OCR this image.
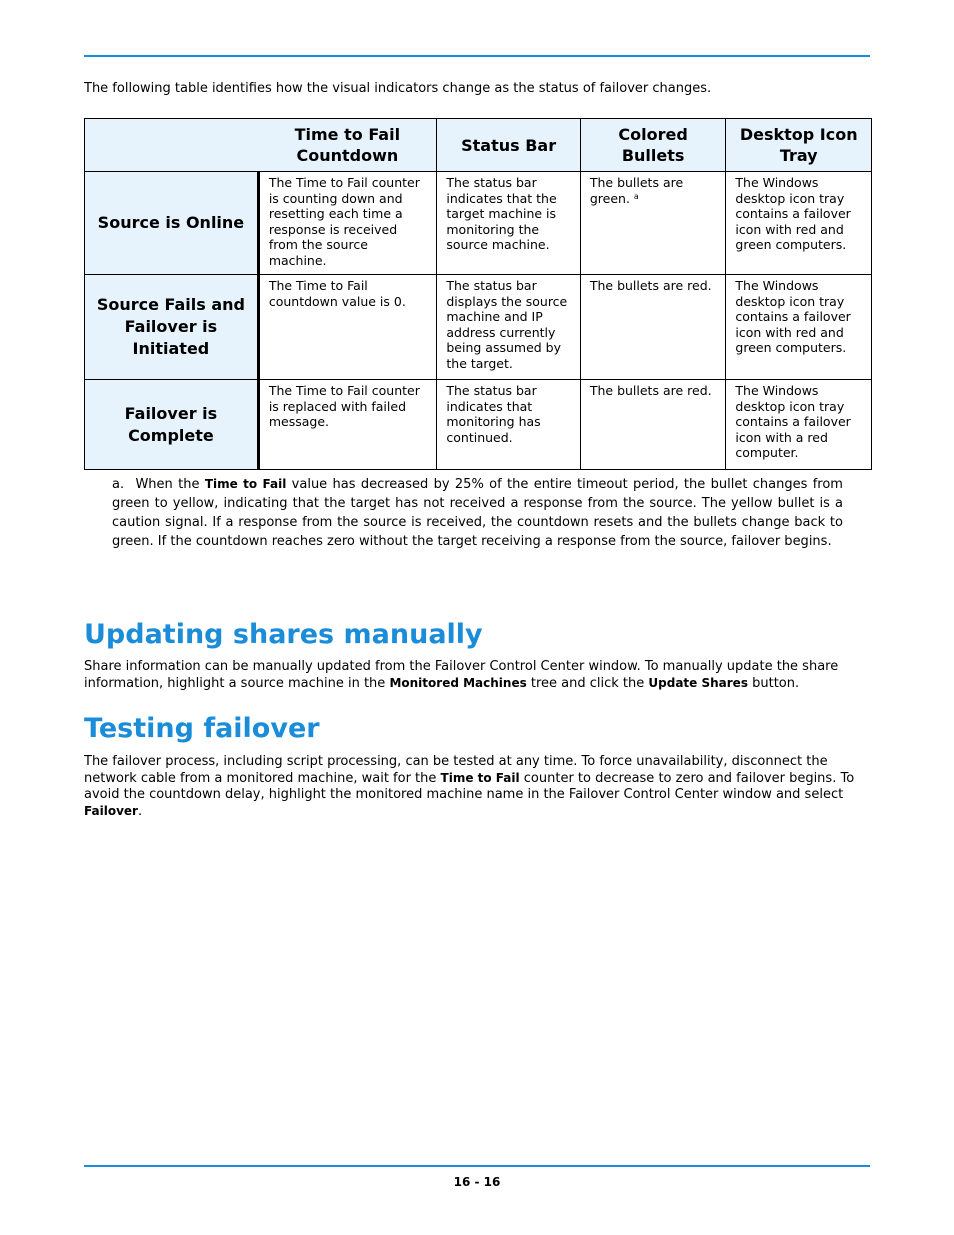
The following table identifies how the visual indicators change as the status of failover changes.

	Time to Fail Countdown	Status Bar	Colored Bullets	Desktop Icon Tray
Source is Online	The Time to Fail counter is counting down and resetting each time a response is received from the source machine.	The status bar indicates that the target machine is monitoring the source machine.	The bullets are green. $^a$	The Windows desktop icon tray contains a failover icon with red and green computers.
Source Fails and Failover is Initiated	The Time to Fail countdown value is 0.	The status bar displays the source machine and IP address currently being assumed by the target.	The bullets are red.	The Windows desktop icon tray contains a failover icon with red and green computers.
Failover is Complete	The Time to Fail counter is replaced with failed message.	The status bar indicates that monitoring has continued.	The bullets are red.	The Windows desktop icon tray contains a failover icon with a red computer.

a. When the Time to Fail value has decreased by 25% of the entire timeout period, the bullet changes from green to yellow, indicating that the target has not received a response from the source. The yellow bullet is a caution signal. If a response from the source is received, the countdown resets and the bullets change back to green. If the countdown reaches zero without the target receiving a response from the source, failover begins.

Updating shares manually

Share information can be manually updated from the Failover Control Center window. To manually update the share information, highlight a source machine in the Monitored Machines tree and click the Update Shares button.

Testing failover

The failover process, including script processing, can be tested at any time. To force unavailability, disconnect the network cable from a monitored machine, wait for the Time to Fail counter to decrease to zero and failover begins. To avoid the countdown delay, highlight the monitored machine name in the Failover Control Center window and select Failover.

16 - 16
